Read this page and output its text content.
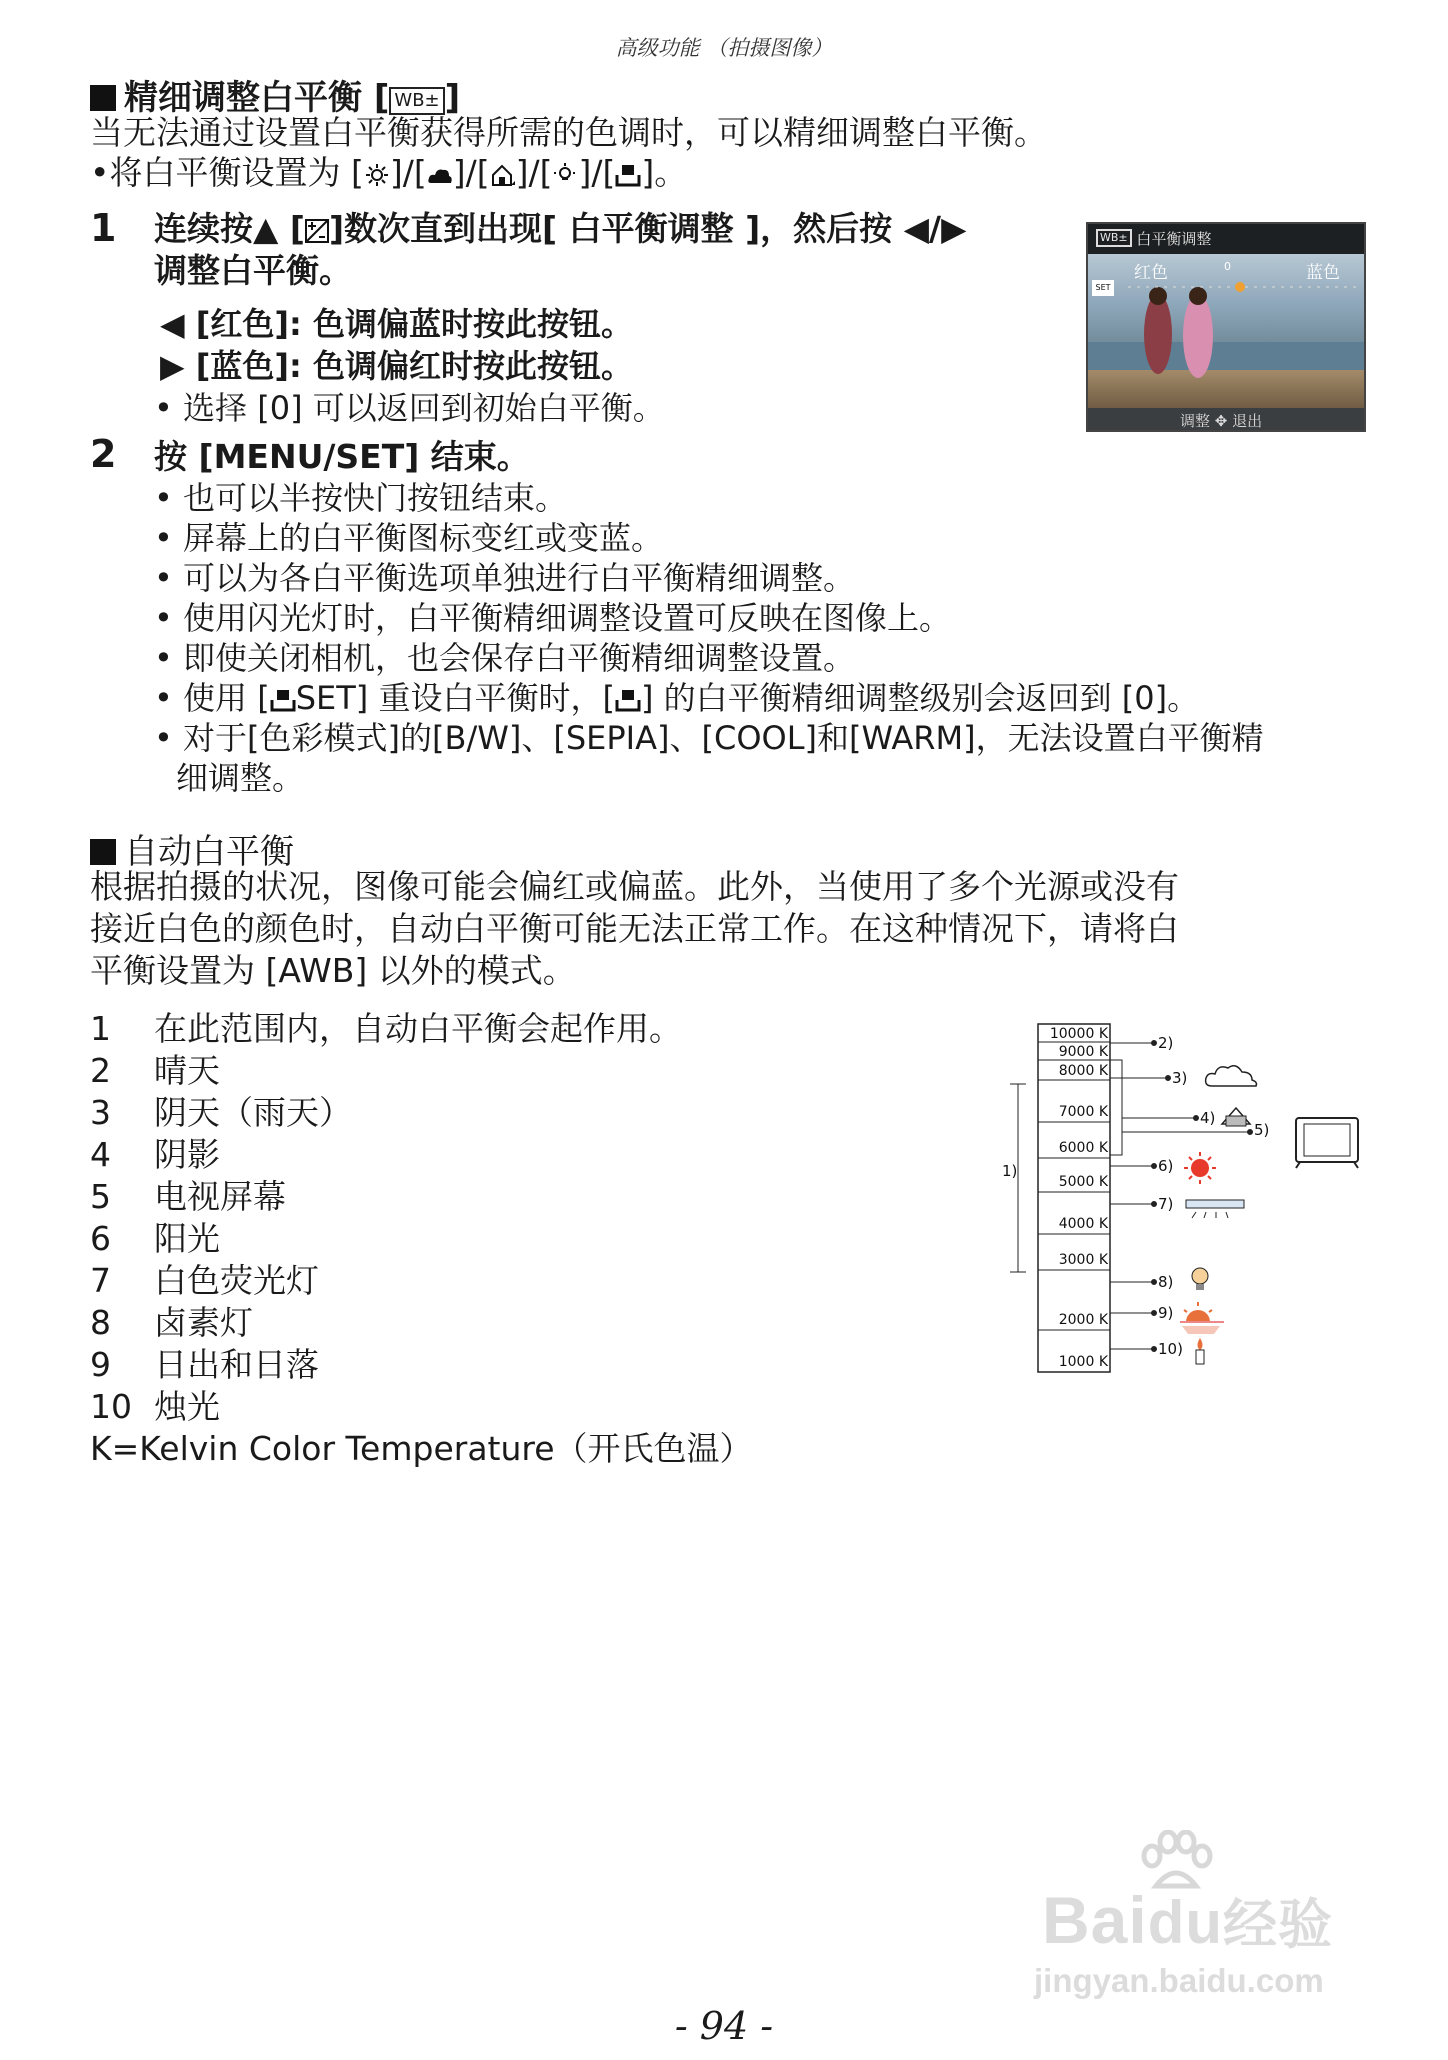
高级功能 （拍摄图像）
精细调整白平衡 [ WB± ]
当无法通过设置白平衡获得所需的色调时，可以精细调整白平衡。
•将白平衡设置为 [ ]/[ ]/[ ]/[ ]/[ ]。
1 连续按▲ [ ]数次直到出现[ 白平衡调整 ]，然后按 ◀/▶
调整白平衡。
◀ [红色]: 色调偏蓝时按此按钮。
▶ [蓝色]: 色调偏红时按此按钮。
• 选择 [0] 可以返回到初始白平衡。
WB± 白平衡调整
红色	0	蓝色
SET
调整 ✥ 退出
2 按 [MENU/SET] 结束。
• 也可以半按快门按钮结束。
• 屏幕上的白平衡图标变红或变蓝。
• 可以为各白平衡选项单独进行白平衡精细调整。
• 使用闪光灯时，白平衡精细调整设置可反映在图像上。
• 即使关闭相机，也会保存白平衡精细调整设置。
• 使用 [ SET] 重设白平衡时，[ ] 的白平衡精细调整级别会返回到 [0]。
• 对于[色彩模式]的[B/W]、[SEPIA]、[COOL]和[WARM]，无法设置白平衡精
细调整。
自动白平衡
根据拍摄的状况，图像可能会偏红或偏蓝。此外，当使用了多个光源或没有
接近白色的颜色时，自动白平衡可能无法正常工作。在这种情况下，请将白
平衡设置为 [AWB] 以外的模式。
1 在此范围内，自动白平衡会起作用。
2 晴天
3 阴天（雨天）
4 阴影
5 电视屏幕
6 阳光
7 白色荧光灯
8 卤素灯
9 日出和日落
10 烛光
K=Kelvin Color Temperature（开氏色温）
10000 K
9000 K
8000 K
7000 K
6000 K
5000 K
4000 K
3000 K
2000 K
1000 K
1)
2)
3)
4)
5)
6)
7)
8)
9)
10)
Baidu经验
jingyan.baidu.com
- 94 -
